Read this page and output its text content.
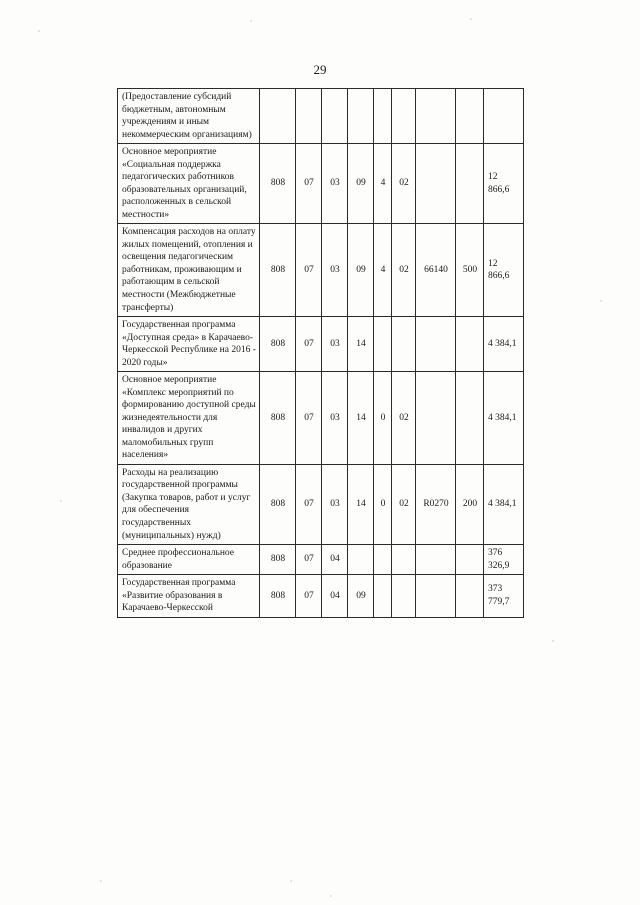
29
(Предоставление субсидий бюджетным, автономным учреждениям и иным некоммерческим организациям)									
Основное мероприятие «Социальная поддержка педагогических работников образовательных организаций, расположенных в сельской местности»	808	07	03	09	4	02			12 866,6
Компенсация расходов на оплату жилых помещений, отопления и освещения педагогическим работникам, проживающим и работающим в сельской местности (Межбюджетные трансферты)	808	07	03	09	4	02	66140	500	12 866,6
Государственная программа «Доступная среда» в Карачаево-Черкесской Республике на 2016 - 2020 годы»	808	07	03	14					4 384,1
Основное мероприятие «Комплекс мероприятий по формированию доступной среды жизнедеятельности для инвалидов и других маломобильных групп населения»	808	07	03	14	0	02			4 384,1
Расходы на реализацию государственной программы (Закупка товаров, работ и услуг для обеспечения государственных (муниципальных) нужд)	808	07	03	14	0	02	R0270	200	4 384,1
Среднее профессиональное образование	808	07	04						376 326,9
Государственная программа «Развитие образования в Карачаево-Черкесской	808	07	04	09					373 779,7
